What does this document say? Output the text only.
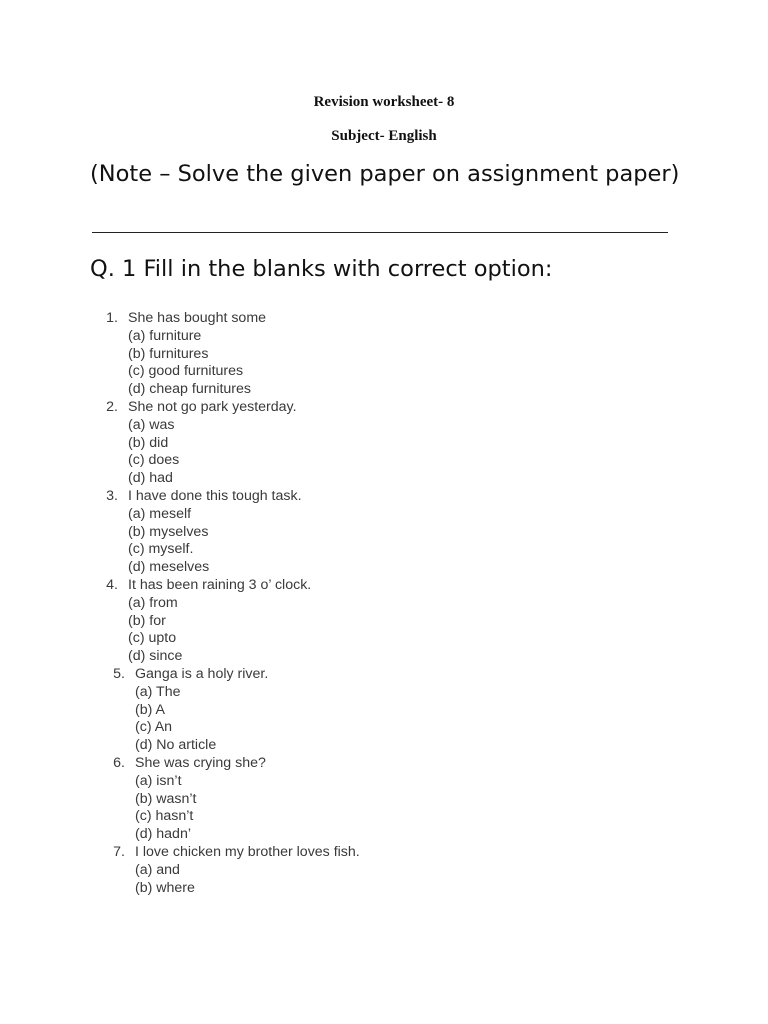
Revision worksheet- 8
Subject- English
(Note – Solve the given paper on assignment paper)
Q. 1 Fill in the blanks with correct option:
1. She has bought some
(a) furniture
(b) furnitures
(c) good furnitures
(d) cheap furnitures
2. She not go park yesterday.
(a) was
(b) did
(c) does
(d) had
3. I have done this tough task.
(a) meself
(b) myselves
(c) myself.
(d) meselves
4. It has been raining 3 o’ clock.
(a) from
(b) for
(c) upto
(d) since
5. Ganga is a holy river.
(a) The
(b) A
(c) An
(d) No article
6. She was crying she?
(a) isn’t
(b) wasn’t
(c) hasn’t
(d) hadn’
7. I love chicken my brother loves fish.
(a) and
(b) where
